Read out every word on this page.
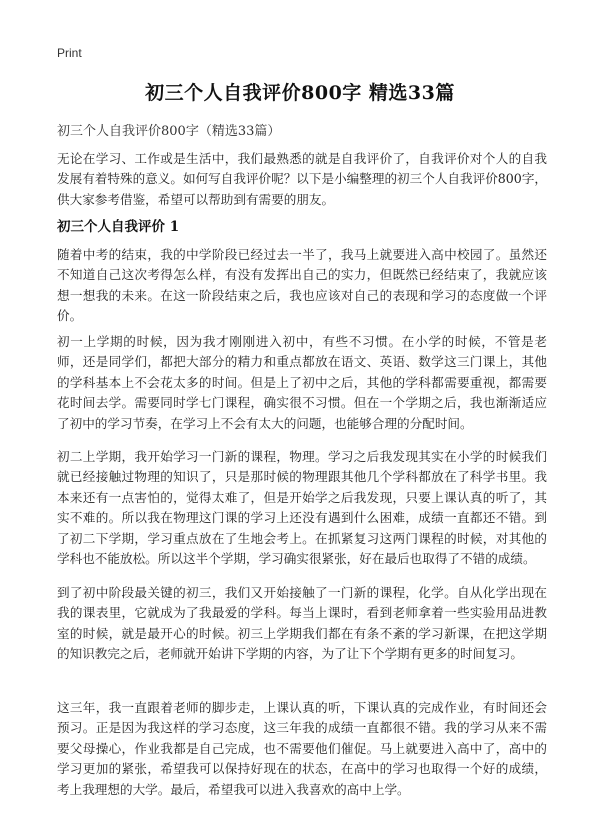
Print
初三个人自我评价800字 精选33篇
初三个人自我评价800字（精选33篇）
无论在学习、工作或是生活中，我们最熟悉的就是自我评价了，自我评价对个人的自我发展有着特殊的意义。如何写自我评价呢？以下是小编整理的初三个人自我评价800字，供大家参考借鉴，希望可以帮助到有需要的朋友。
初三个人自我评价 1
随着中考的结束，我的中学阶段已经过去一半了，我马上就要进入高中校园了。虽然还不知道自己这次考得怎么样，有没有发挥出自己的实力，但既然已经结束了，我就应该想一想我的未来。在这一阶段结束之后，我也应该对自己的表现和学习的态度做一个评价。
初一上学期的时候，因为我才刚刚进入初中，有些不习惯。在小学的时候，不管是老师，还是同学们，都把大部分的精力和重点都放在语文、英语、数学这三门课上，其他的学科基本上不会花太多的时间。但是上了初中之后，其他的学科都需要重视，都需要花时间去学。需要同时学七门课程，确实很不习惯。但在一个学期之后，我也渐渐适应了初中的学习节奏，在学习上不会有太大的问题，也能够合理的分配时间。
初二上学期，我开始学习一门新的课程，物理。学习之后我发现其实在小学的时候我们就已经接触过物理的知识了，只是那时候的物理跟其他几个学科都放在了科学书里。我本来还有一点害怕的，觉得太难了，但是开始学之后我发现，只要上课认真的听了，其实不难的。所以我在物理这门课的学习上还没有遇到什么困难，成绩一直都还不错。到了初二下学期，学习重点放在了生地会考上。在抓紧复习这两门课程的时候，对其他的学科也不能放松。所以这半个学期，学习确实很紧张，好在最后也取得了不错的成绩。
到了初中阶段最关键的初三，我们又开始接触了一门新的课程，化学。自从化学出现在我的课表里，它就成为了我最爱的学科。每当上课时，看到老师拿着一些实验用品进教室的时候，就是最开心的时候。初三上学期我们都在有条不紊的学习新课，在把这学期的知识教完之后，老师就开始讲下学期的内容，为了让下个学期有更多的时间复习。
这三年，我一直跟着老师的脚步走，上课认真的听，下课认真的完成作业，有时间还会预习。正是因为我这样的学习态度，这三年我的成绩一直都很不错。我的学习从来不需要父母操心，作业我都是自己完成，也不需要他们催促。马上就要进入高中了，高中的学习更加的紧张，希望我可以保持好现在的状态，在高中的学习也取得一个好的成绩，考上我理想的大学。最后，希望我可以进入我喜欢的高中上学。
